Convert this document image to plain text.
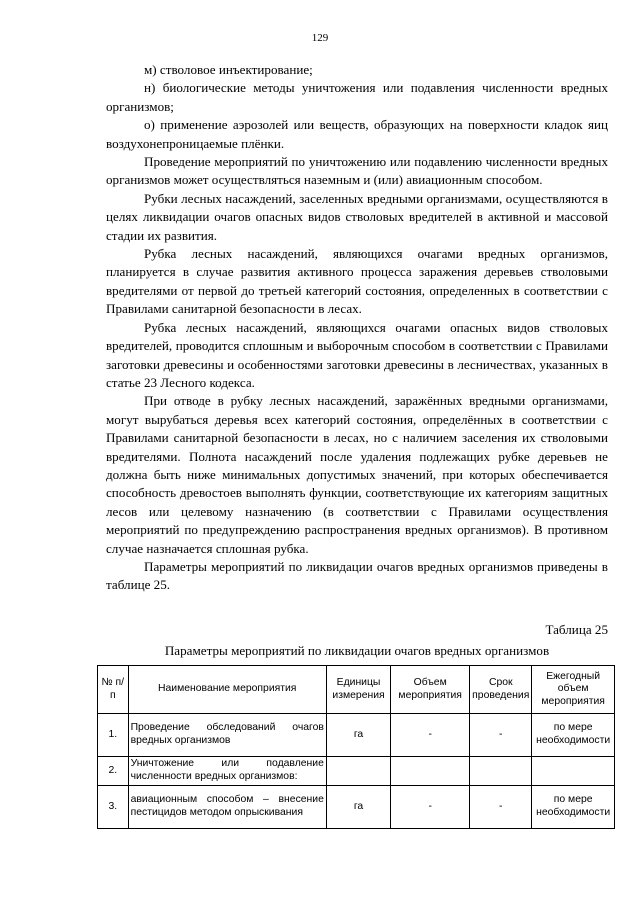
129

м) стволовое инъектирование;

н) биологические методы уничтожения или подавления численности вредных организмов;

о) применение аэрозолей или веществ, образующих на поверхности кладок яиц воздухонепроницаемые плёнки.

Проведение мероприятий по уничтожению или подавлению численности вредных организмов может осуществляться наземным и (или) авиационным способом.

Рубки лесных насаждений, заселенных вредными организмами, осуществляются в целях ликвидации очагов опасных видов стволовых вредителей в активной и массовой стадии их развития.

Рубка лесных насаждений, являющихся очагами вредных организмов, планируется в случае развития активного процесса заражения деревьев стволовыми вредителями от первой до третьей категорий состояния, определенных в соответствии с Правилами санитарной безопасности в лесах.

Рубка лесных насаждений, являющихся очагами опасных видов стволовых вредителей, проводится сплошным и выборочным способом в соответствии с Правилами заготовки древесины и особенностями заготовки древесины в лесничествах, указанных в статье 23 Лесного кодекса.

При отводе в рубку лесных насаждений, заражённых вредными организмами, могут вырубаться деревья всех категорий состояния, определённых в соответствии с Правилами санитарной безопасности в лесах, но с наличием заселения их стволовыми вредителями. Полнота насаждений после удаления подлежащих рубке деревьев не должна быть ниже минимальных допустимых значений, при которых обеспечивается способность древостоев выполнять функции, соответствующие их категориям защитных лесов или целевому назначению (в соответствии с Правилами осуществления мероприятий по предупреждению распространения вредных организмов). В противном случае назначается сплошная рубка.

Параметры мероприятий по ликвидации очагов вредных организмов приведены в таблице 25.

Таблица 25
Параметры мероприятий по ликвидации очагов вредных организмов
№ п/п	Наименование мероприятия	Единицы измерения	Объем мероприятия	Срок проведения	Ежегодный объем мероприятия
1.	Проведение обследований очагов вредных организмов	га	-	-	по мере необходимости
2.	Уничтожение или подавление численности вредных организмов:				
3.	авиационным способом – внесение пестицидов методом опрыскивания	га	-	-	по мере необходимости
